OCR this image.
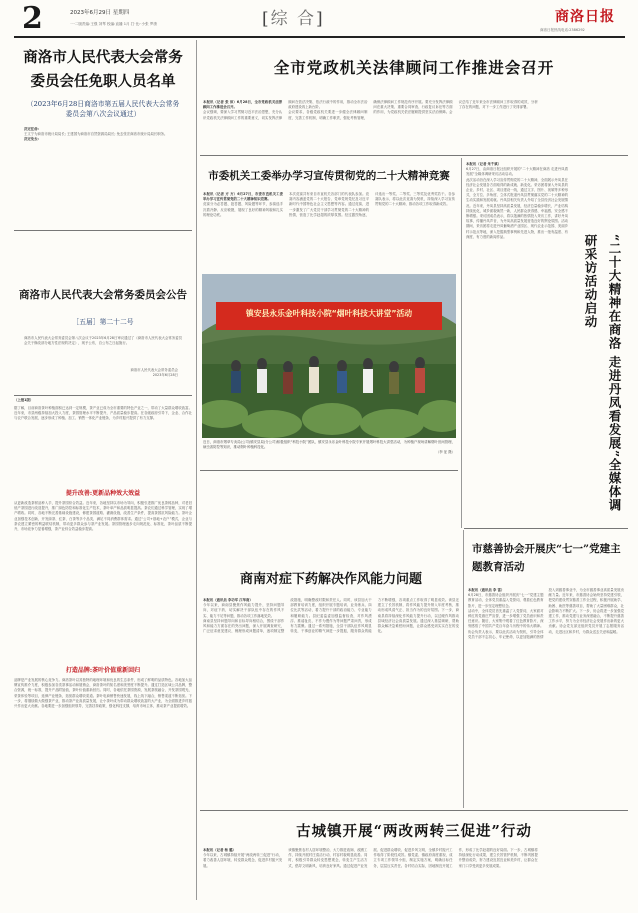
2	2023年6月29日 星期四
一·二版责编:王强 刘琴 校编:直播 1月 打·比:·小张 罗康	[综 合]	商洛日报
商洛日报热线电话:2386292
商洛市人民代表大会常务委员会任免职人员名单
（2023年6月28日商洛市第五届人民代表大会常务委员会第八次会议通过）
决定任命:
王文宁为商洛市统计局局长; 王建国为商洛市自然资源局局长; 免去张宏商洛市统计局局长职务。
决定免去:
商洛市人民代表大会常务委员会公告
［五届］第二十二号
商洛市人民代表大会常务委员会第八次会议于2023年6月28日审议通过了《商洛市人民代表大会常务委员会关于修改部分地方性法规的决定》，现予公布，自公布之日起施行。
商洛市人民代表大会常务委员会
2023年6月28日
（上接1版）
据了解，目前商洛茶叶种植面积已达到一定规模，茶产业已成为全市重要的特色产业之一，带动了大量群众增收致富。近年来，市县两级持续加大投入力度，茶园管理水平不断提升，产品质量稳步提高。在各级政府引导下，企业、合作社与农户联合发展，逐步形成了种植、加工、销售一体化产业链条，为乡村振兴提供了有力支撑。
提升改善:更新品种效大效益
从更新改造茶树品种入手，提升茶园综合效益。近年来，各地坚持以市场为导向，积极引进推广优良茶树品种，对老旧低产茶园进行改造提升，推广绿色防控和标准化生产技术，茶叶单产和品质明显提高。茶农们通过科学管理，实现了增产增收。同时，各地不断完善基础设施建设，修建茶园道路、灌溉设施，改善生产条件，提高茶园抗风险能力。茶叶企业加强技术创新，开发绿茶、红茶、白茶等多个品类，满足不同消费群体需求。通过“公司+基地+农户”模式，企业与茶农建立紧密的利益联结机制，带动更多群众参与茶产业发展。茶园管理逐步走向规范化、标准化，茶叶品质不断提升，市场竞争力显著增强，茶产业综合效益稳步提高。
打造品牌:茶叶价值重新回归
品牌是产业发展的核心竞争力。商洛茶叶以其独特的地理环境和优良的生态条件，形成了鲜明的品质特色。各地加大品牌宣传推介力度，积极参加各类茶事活动和展销会，商洛茶叶的知名度和美誉度不断提升。通过打造区域公共品牌，整合资源，统一标准，提升产品附加值，茶叶价值重新回归。同时，各地依托茶园资源，发展茶旅融合，开发茶园观光、采茶体验等项目，延伸产业链条，拓宽群众增收渠道。茶叶电商销售快速发展，线上线下融合，销售渠道不断拓宽。下一步，将继续做大做强茶产业，推动茶产业高质量发展，让小茶叶成为带动群众增收致富的大产业，为全面推进乡村振兴作出更大贡献。各地要进一步加强组织领导，完善扶持政策，强化科技支撑，培育市场主体，推动茶产业提质增效。
全市党政机关法律顾问工作推进会召开
本报讯（记者 张 沛）6月28日，全市党政机关法律顾问工作推进会召开。
会议强调，要深入学习贯彻习近平法治思想，充分认识党政机关法律顾问工作的重要意义，切实发挥法律顾问在依法决策、依法行政中的作用，推动全市法治政府建设再上新台阶。
会议要求，各级党政机关要进一步健全法律顾问制度，完善工作机制，明确工作职责，强化考核管理，确保法律顾问工作规范有序开展。要充分发挥法律顾问在重大决策、重要合同审查、行政复议诉讼等方面的作用，为党政机关依法履职提供坚实法治保障。会议总结了近年来全市法律顾问工作取得的成效，分析了存在的问题，对下一步工作进行了安排部署。
市委机关工委举办学习宣传贯彻党的二十大精神竞赛
本报讯（记者 方 方）6月27日，市委市直机关工委举办学习宣传贯彻党的二十大精神知识竞赛。
竞赛分为必答题、抢答题、风险题等环节，参赛选手沉着冷静、反应敏捷，展现了良好的精神风貌和扎实的理论功底。
本次竞赛共有来自市直机关各部门的代表队参加。竞赛内容涵盖党的二十大报告、党章党规党纪及习近平新时代中国特色社会主义思想等内容。通过竞赛，进一步激发了广大党员干部学习贯彻党的二十大精神的热情，营造了比学赶超的浓厚氛围。经过激烈角逐，评选出一等奖、二等奖、三等奖及优秀奖若干。各参赛队表示，将以此次竞赛为契机，持续深入学习宣传贯彻党的二十大精神，推动各项工作取得新成效。
本报讯（记者 朱千斌）
6月27日，由商洛日报社组织开展的“二十大精神在商洛 走进丹凤看发展”全媒体调研采访活动启动。
此次活动旨在深入学习宣传贯彻党的二十大精神，全面展示丹凤县在经济社会发展各方面取得的新成就、新变化。采访团将深入丹凤县的企业、乡村、社区、项目建设一线，通过文字、图片、视频等多种形式，全方位、多角度、立体式报道丹凤县贯彻落实党的二十大精神的生动实践和发展成就。丹凤县相关负责人介绍了全县经济社会发展情况。近年来，丹凤县坚持高质量发展，经济总量稳步增长，产业结构持续优化，城乡面貌焕然一新，人民群众获得感、幸福感、安全感不断增强。采访团成员表示，将以饱满的热情投入采访工作，讲好丹凤故事，传播丹凤声音，为丹凤高质量发展营造良好的舆论氛围。活动期间，采访团将走进丹凤葡萄酒产业园区、现代农业示范园、美丽乡村示范点等地，深入挖掘典型事例和先进人物，推出一批有温度、有深度、有力度的新闻作品。	“二十大精神在商洛 走进丹凤看发展”全媒体调研采访活动启动
镇安县永乐金叶科技小院“烟叶科技大讲堂”活动
近日，商洛市烟草专卖局(公司)镇安县局(分公司)积极组织“科技小院”团队、镇安县永乐金叶科技小院专家开展烟叶科技大讲堂活动，为种植户现场讲解烟叶田间管理、病虫害防控等知识，推动烟叶种植科技化。
（李 征 摄）
市慈善协会开展庆“七一”党建主题教育活动
本报讯（通讯员 李 雷）
6月28日，市慈善协会组织开展庆“七一”党建主题教育活动，全体党员重温入党誓词，观看红色教育影片，进一步坚定理想信念。
活动中，全体党员首先重温了入党誓词，大家面对鲜红的党旗庄严宣誓，进一步增强了党员意识和责任意识。随后，大家集中观看了红色教育影片，深刻感悟了中国共产党百年奋斗历程中的伟大精神。协会负责人表示，要以此次活动为契机，引导全体党员干部不忘初心、牢记使命，以更加饱满的热情投入到慈善事业中，为全市慈善事业高质量发展贡献力量。近年来，市慈善协会始终坚持党建引领，把党的建设贯穿慈善工作全过程，积极开展助学、助困、助医等慈善项目，帮助了大量困难群众，社会影响力不断扩大。下一步，协会将进一步加强党建工作，推动党建与业务深度融合，不断提升慈善工作水平，努力为全市经济社会发展作出新的更大贡献。协会党支部还组织党员开展了志愿服务活动，走进社区和乡村，为群众送去关爱和温暖。
商南对症下药解决作风能力问题
本报讯（通讯员 李功军 江华南）
今年以来，商南县聚焦作风能力提升，坚持问题导向，对症下药，切实解决干部队伍中存在的作风不实、能力不足等问题，推动各项工作落地见效。
商南县坚持问题导向和目标导向相结合，围绕干部作风和能力方面存在的突出问题，深入开展调查研究，广泛征求意见建议，梳理形成问题清单，逐项制定整改措施，明确整改时限和责任人。同时，该县加大干部教育培训力度，组织开展专题培训、业务练兵、岗位比武等活动，着力提升干部的政治能力、专业能力和履职能力。县纪委监委加强监督检查，对作风漂浮、推诿扯皮、不作为慢作为等问题严肃问责，形成有力震慑。通过一系列措施，全县干部队伍作风明显转变，干事创业的精气神进一步提振，服务群众的能力不断增强，各项重点工作取得了明显成效。该县还建立了长效机制，将作风能力提升纳入年度考核，推动形成风清气正、担当作为的良好氛围。下一步，商南县将持续深化作风能力提升行动，以过硬作风推动县域经济社会高质量发展。通过深入基层调研，帮助群众解决急难愁盼问题，让群众感受到实实在在的变化。
古城镇开展“两改两转三促进”行动
本报讯（记者 杨 璐）
今年以来，古城镇持续开展“两改两转三促进”行动，着力改善人居环境，转变群众观念，促进乡村振兴发展。
该镇聚焦农村人居环境整治，大力推进改厕、改圈工作，持续开展村庄清洁行动，村容村貌明显改善。同时，积极引导群众转变思想观念，转变生产生活方式，倡导文明新风，培育良好家风。通过促进产业发展、促进群众增收、促进乡风文明，全镇乡村振兴工作取得了阶段性成效。镇党委、镇政府高度重视，成立专项工作领导小组，制定实施方案，明确目标任务，层层压实责任。各村结合实际，因地制宜开展工作，形成了比学赶超的良好局面。下一步，古城镇将持续深化行动成果，建立长效管护机制，不断巩固提升整治成效，努力建设宜居宜业和美乡村，让群众在家门口享受到更多发展成果。
